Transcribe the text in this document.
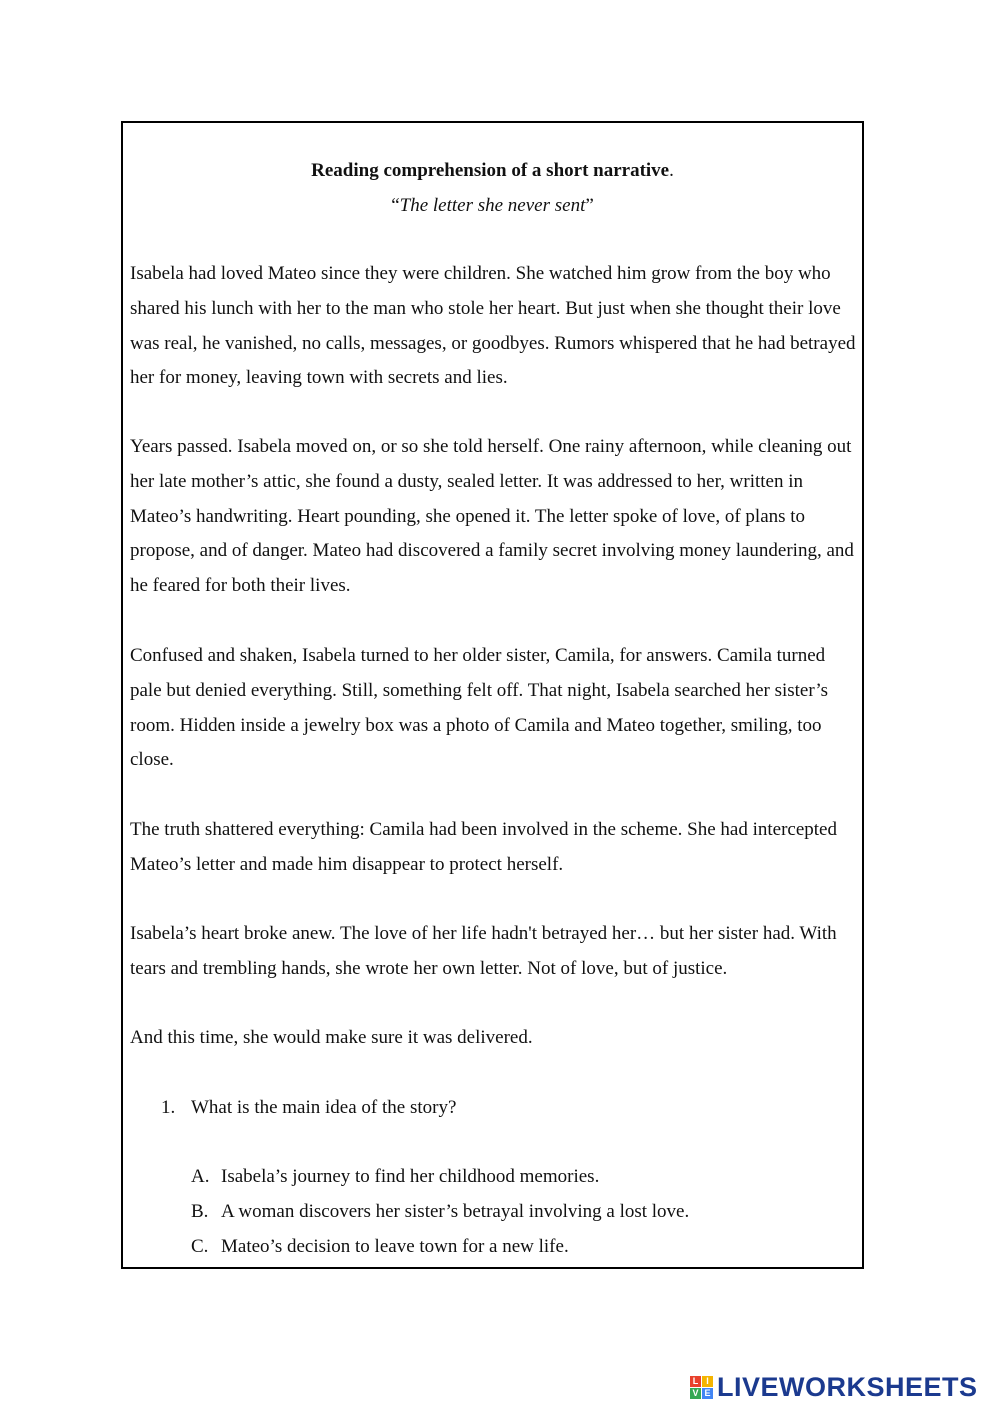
Reading comprehension of a short narrative.
“The letter she never sent”

Isabela had loved Mateo since they were children. She watched him grow from the boy who shared his lunch with her to the man who stole her heart. But just when she thought their love was real, he vanished, no calls, messages, or goodbyes. Rumors whispered that he had betrayed her for money, leaving town with secrets and lies.

Years passed. Isabela moved on, or so she told herself. One rainy afternoon, while cleaning out her late mother’s attic, she found a dusty, sealed letter. It was addressed to her, written in Mateo’s handwriting. Heart pounding, she opened it. The letter spoke of love, of plans to propose, and of danger. Mateo had discovered a family secret involving money laundering, and he feared for both their lives.

Confused and shaken, Isabela turned to her older sister, Camila, for answers. Camila turned pale but denied everything. Still, something felt off. That night, Isabela searched her sister’s room. Hidden inside a jewelry box was a photo of Camila and Mateo together, smiling, too close.

The truth shattered everything: Camila had been involved in the scheme. She had intercepted Mateo’s letter and made him disappear to protect herself.

Isabela’s heart broke anew. The love of her life hadn't betrayed her… but her sister had. With tears and trembling hands, she wrote her own letter. Not of love, but of justice.

And this time, she would make sure it was delivered.

1. What is the main idea of the story?
A. Isabela’s journey to find her childhood memories.
B. A woman discovers her sister’s betrayal involving a lost love.
C. Mateo’s decision to leave town for a new life.
L I
V E LIVEWORKSHEETS
